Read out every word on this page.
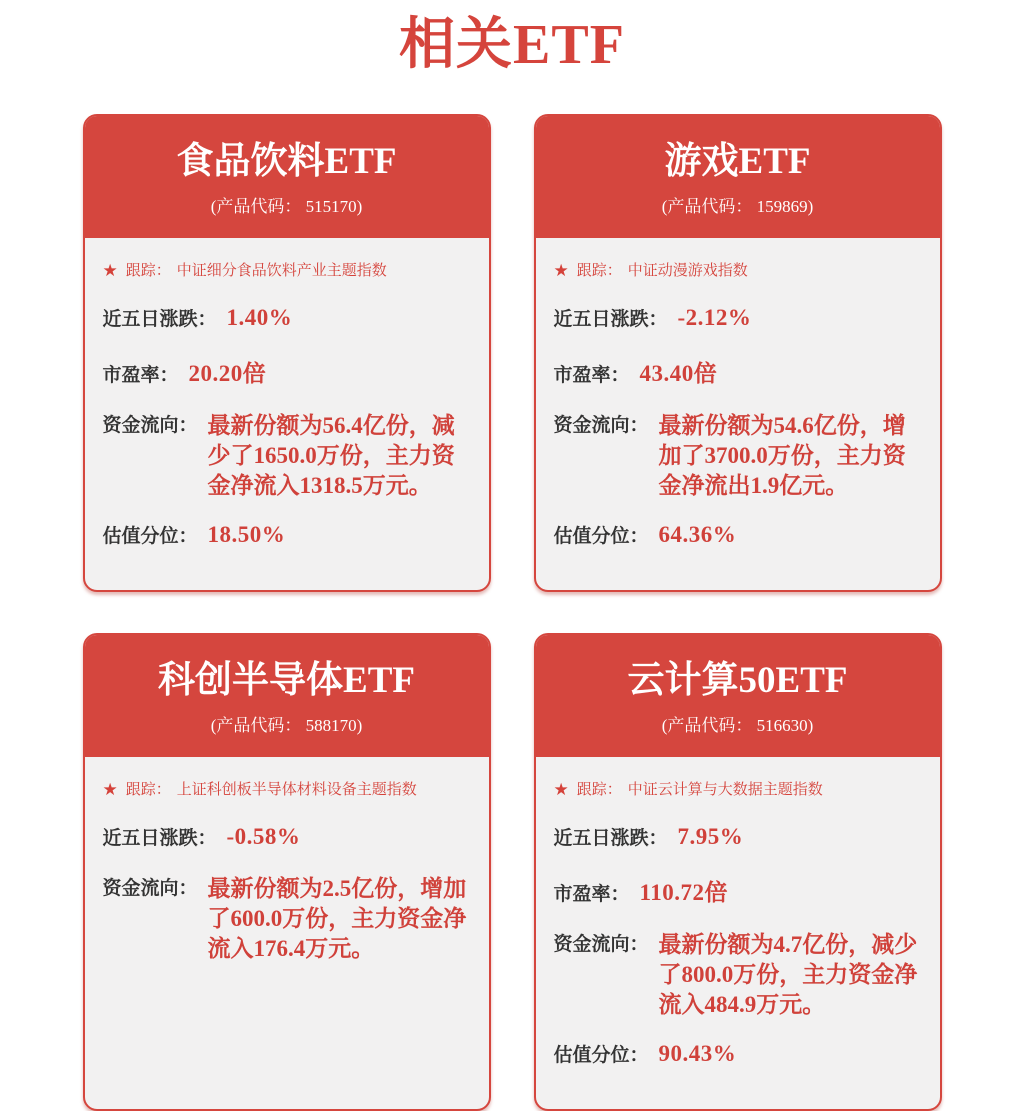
相关ETF
食品饮料ETF
(产品代码： 515170)
★ 跟踪： 中证细分食品饮料产业主题指数
近五日涨跌： 1.40%
市盈率： 20.20倍
资金流向： 最新份额为56.4亿份，减少了1650.0万份，主力资金净流入1318.5万元。
估值分位： 18.50%
游戏ETF
(产品代码： 159869)
★ 跟踪： 中证动漫游戏指数
近五日涨跌： -2.12%
市盈率： 43.40倍
资金流向： 最新份额为54.6亿份，增加了3700.0万份，主力资金净流出1.9亿元。
估值分位： 64.36%
科创半导体ETF
(产品代码： 588170)
★ 跟踪： 上证科创板半导体材料设备主题指数
近五日涨跌： -0.58%
资金流向： 最新份额为2.5亿份，增加了600.0万份，主力资金净流入176.4万元。
云计算50ETF
(产品代码： 516630)
★ 跟踪： 中证云计算与大数据主题指数
近五日涨跌： 7.95%
市盈率： 110.72倍
资金流向： 最新份额为4.7亿份，减少了800.0万份，主力资金净流入484.9万元。
估值分位： 90.43%
